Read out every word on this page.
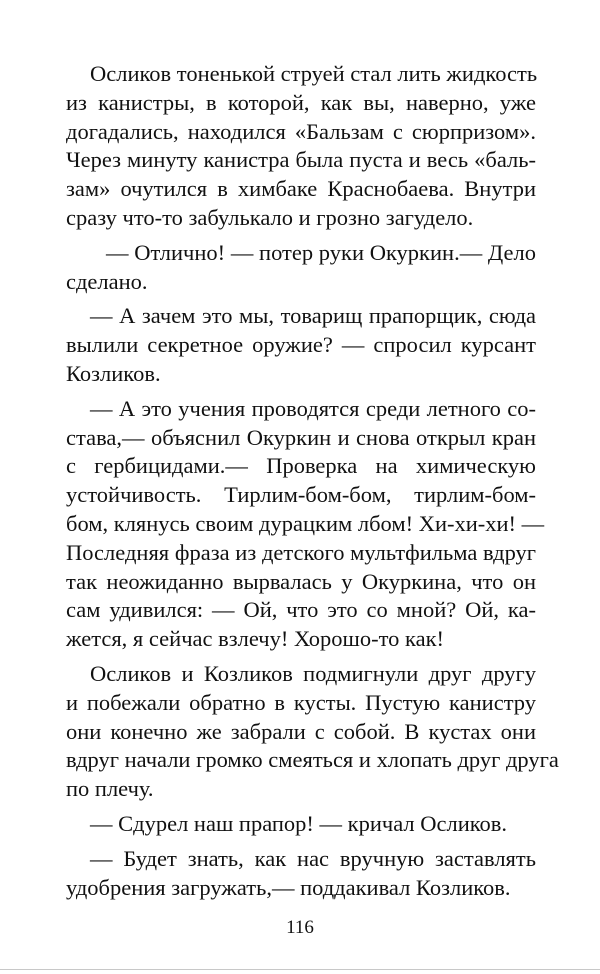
Осликов тоненькой струей стал лить жидкость
из канистры, в которой, как вы, наверно, уже
догадались, находился «Бальзам с сюрпризом».
Через минуту канистра была пуста и весь «баль-
зам» очутился в химбаке Краснобаева. Внутри
сразу что-то забулькало и грозно загудело.
— Отлично! — потер руки Окуркин.— Дело
сделано.
— А зачем это мы, товарищ прапорщик, сюда
вылили секретное оружие? — спросил курсант
Козликов.
— А это учения проводятся среди летного со-
става,— объяснил Окуркин и снова открыл кран
с гербицидами.— Проверка на химическую
устойчивость. Тирлим-бом-бом, тирлим-бом-
бом, клянусь своим дурацким лбом! Хи-хи-хи! —
Последняя фраза из детского мультфильма вдруг
так неожиданно вырвалась у Окуркина, что он
сам удивился: — Ой, что это со мной? Ой, ка-
жется, я сейчас взлечу! Хорошо-то как!
Осликов и Козликов подмигнули друг другу
и побежали обратно в кусты. Пустую канистру
они конечно же забрали с собой. В кустах они
вдруг начали громко смеяться и хлопать друг друга
по плечу.
— Сдурел наш прапор! — кричал Осликов.
— Будет знать, как нас вручную заставлять
удобрения загружать,— поддакивал Козликов.
116
